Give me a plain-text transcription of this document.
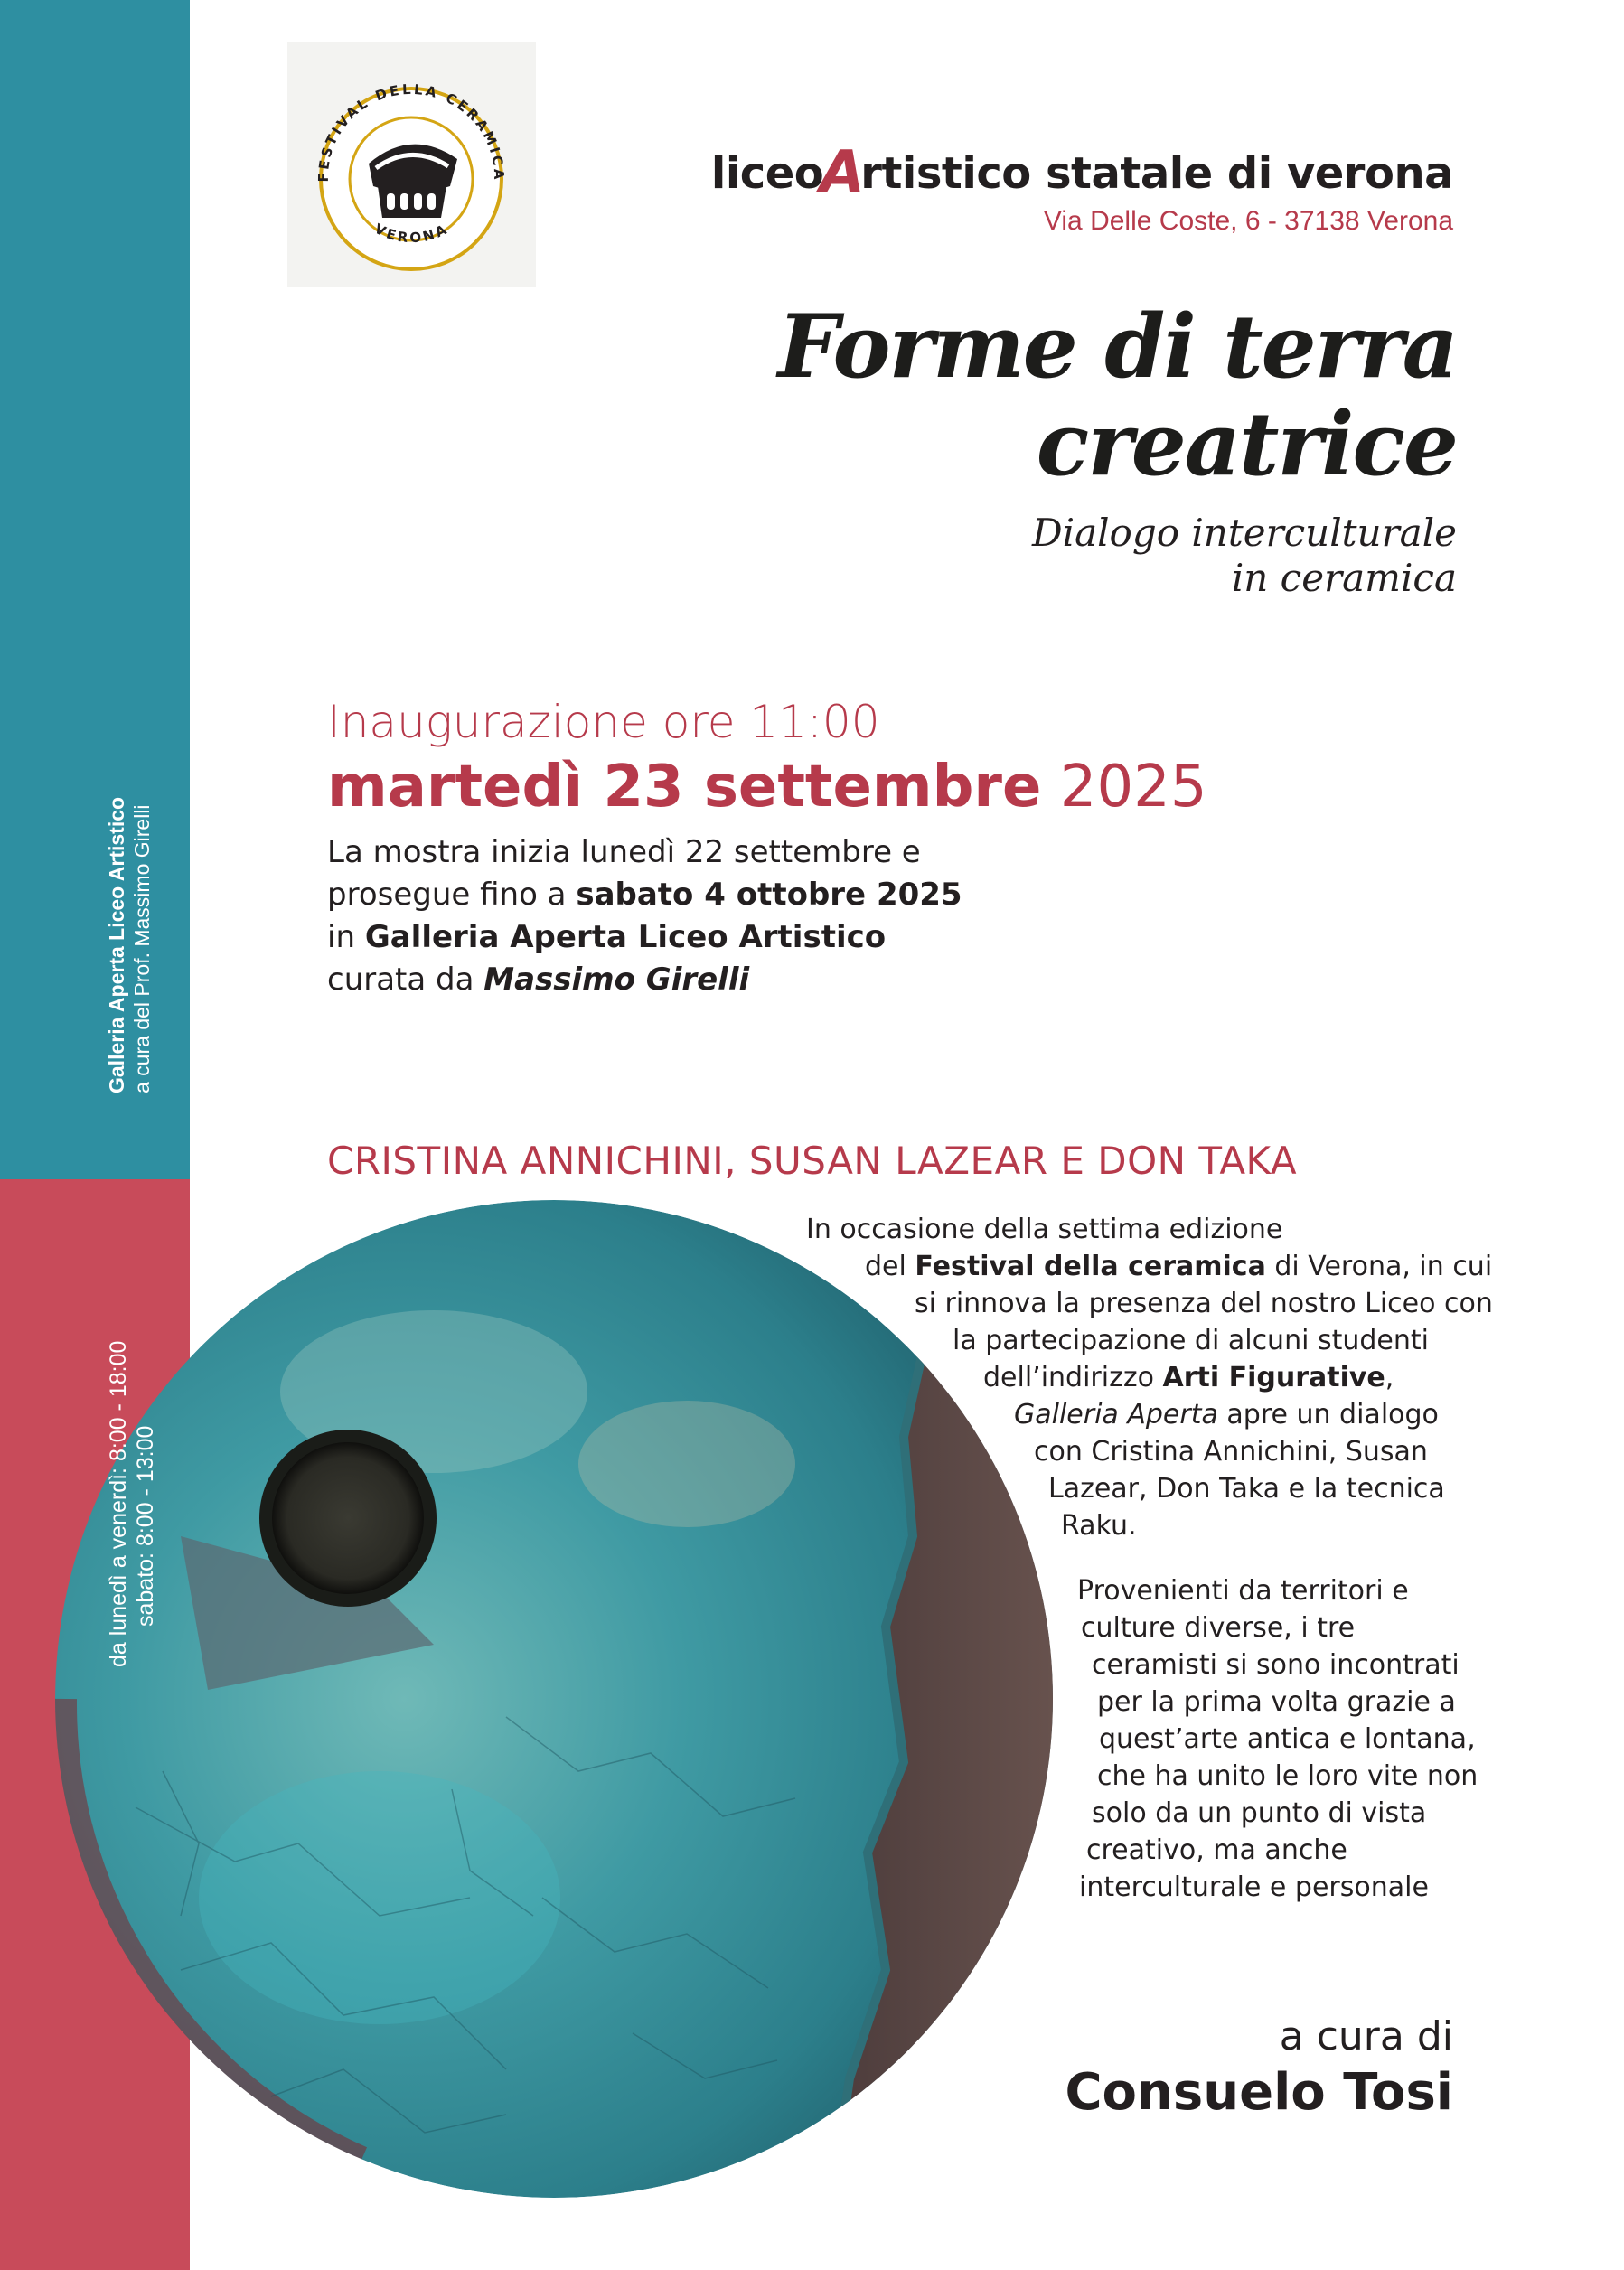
Galleria Aperta Liceo Artistico a cura del Prof. Massimo Girelli
da lunedì a venerdì: 8:00 - 18:00 sabato: 8:00 - 13:00
FESTIVAL DELLA CERAMICA
VERONA
liceoArtistico statale di verona
Via Delle Coste, 6 - 37138 Verona
Forme di terra
creatrice
Dialogo interculturale
in ceramica
Inaugurazione ore 11:00
martedì 23 settembre 2025
La mostra inizia lunedì 22 settembre e
prosegue fino a sabato 4 ottobre 2025
in Galleria Aperta Liceo Artistico
curata da Massimo Girelli
CRISTINA ANNICHINI, SUSAN LAZEAR E DON TAKA
In occasione della settima edizione
del Festival della ceramica di Verona, in cui
si rinnova la presenza del nostro Liceo con
la partecipazione di alcuni studenti
dell’indirizzo Arti Figurative,
Galleria Aperta apre un dialogo
con Cristina Annichini, Susan
Lazear, Don Taka e la tecnica
Raku.
Provenienti da territori e
culture diverse, i tre
ceramisti si sono incontrati
per la prima volta grazie a
quest’arte antica e lontana,
che ha unito le loro vite non
solo da un punto di vista
creativo, ma anche
interculturale e personale
a cura di
Consuelo Tosi
